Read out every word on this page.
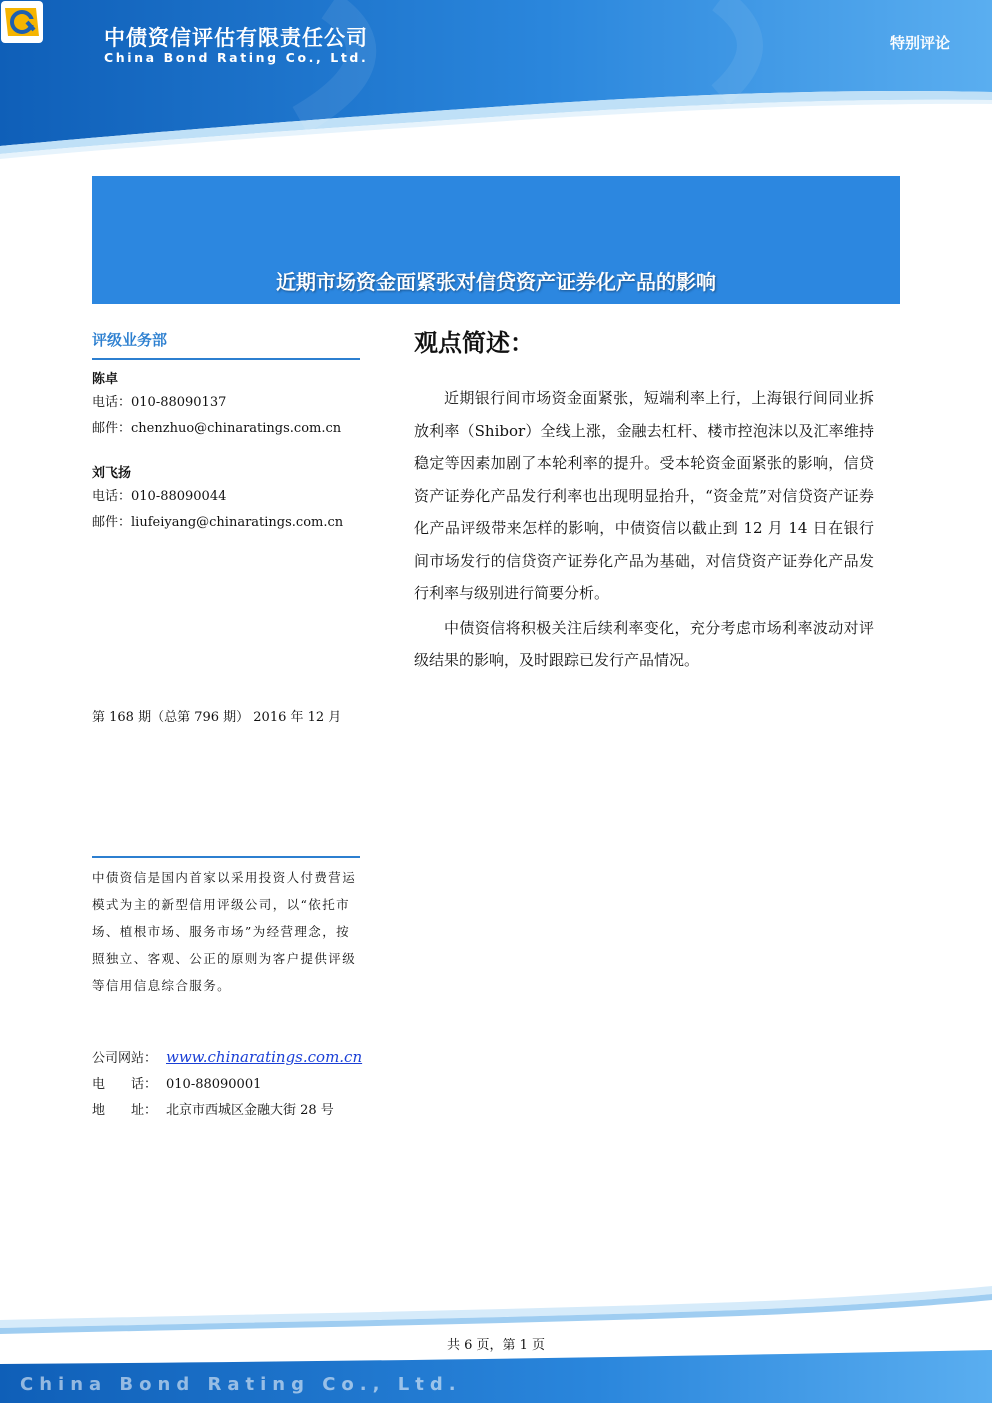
中债资信评估有限责任公司
China Bond Rating Co., Ltd.
特别评论
近期市场资金面紧张对信贷资产证券化产品的影响
评级业务部
陈卓
电话：010-88090137
邮件：chenzhuo@chinaratings.com.cn
刘飞扬
电话：010-88090044
邮件：liufeiyang@chinaratings.com.cn
第 168 期（总第 796 期） 2016 年 12 月
中债资信是国内首家以采用投资人付费营运模式为主的新型信用评级公司，以“依托市场、植根市场、服务市场”为经营理念，按照独立、客观、公正的原则为客户提供评级等信用信息综合服务。
公司网站： www.chinaratings.com.cn
电　　话： 010-88090001
地　　址： 北京市西城区金融大街 28 号
观点简述：

近期银行间市场资金面紧张，短端利率上行，上海银行间同业拆放利率（Shibor）全线上涨，金融去杠杆、楼市控泡沫以及汇率维持稳定等因素加剧了本轮利率的提升。受本轮资金面紧张的影响，信贷资产证券化产品发行利率也出现明显抬升，“资金荒”对信贷资产证券化产品评级带来怎样的影响，中债资信以截止到 12 月 14 日在银行间市场发行的信贷资产证券化产品为基础，对信贷资产证券化产品发行利率与级别进行简要分析。

中债资信将积极关注后续利率变化，充分考虑市场利率波动对评级结果的影响，及时跟踪已发行产品情况。

共 6 页，第 1 页
China Bond Rating Co., Ltd.
